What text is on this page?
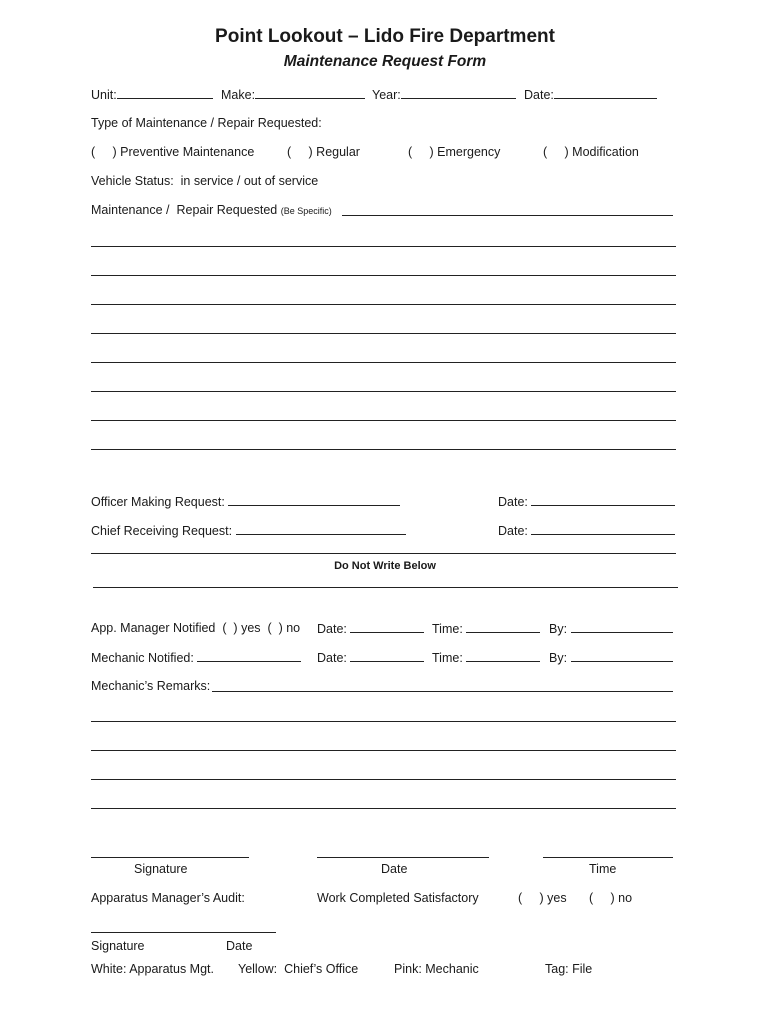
Point Lookout – Lido Fire Department
Maintenance Request Form
Unit:	Make:	Year:	Date:
Type of Maintenance / Repair Requested:
(     ) Preventive Maintenance	(     ) Regular	(     ) Emergency	(     ) Modification
Vehicle Status:  in service / out of service
Maintenance /  Repair Requested (Be Specific)
Officer Making Request:	Date:
Chief Receiving Request:	Date:
Do Not Write Below
App. Manager Notified  (  ) yes  (  ) no Date:	Time:	By:
Mechanic Notified:	Date:	Time:	By:
Mechanic’s Remarks:
Signature	Date	Time
Apparatus Manager’s Audit:	Work Completed Satisfactory	(     ) yes (     ) no
Signature	Date
White: Apparatus Mgt. Yellow:  Chief’s Office	Pink: Mechanic	Tag: File
